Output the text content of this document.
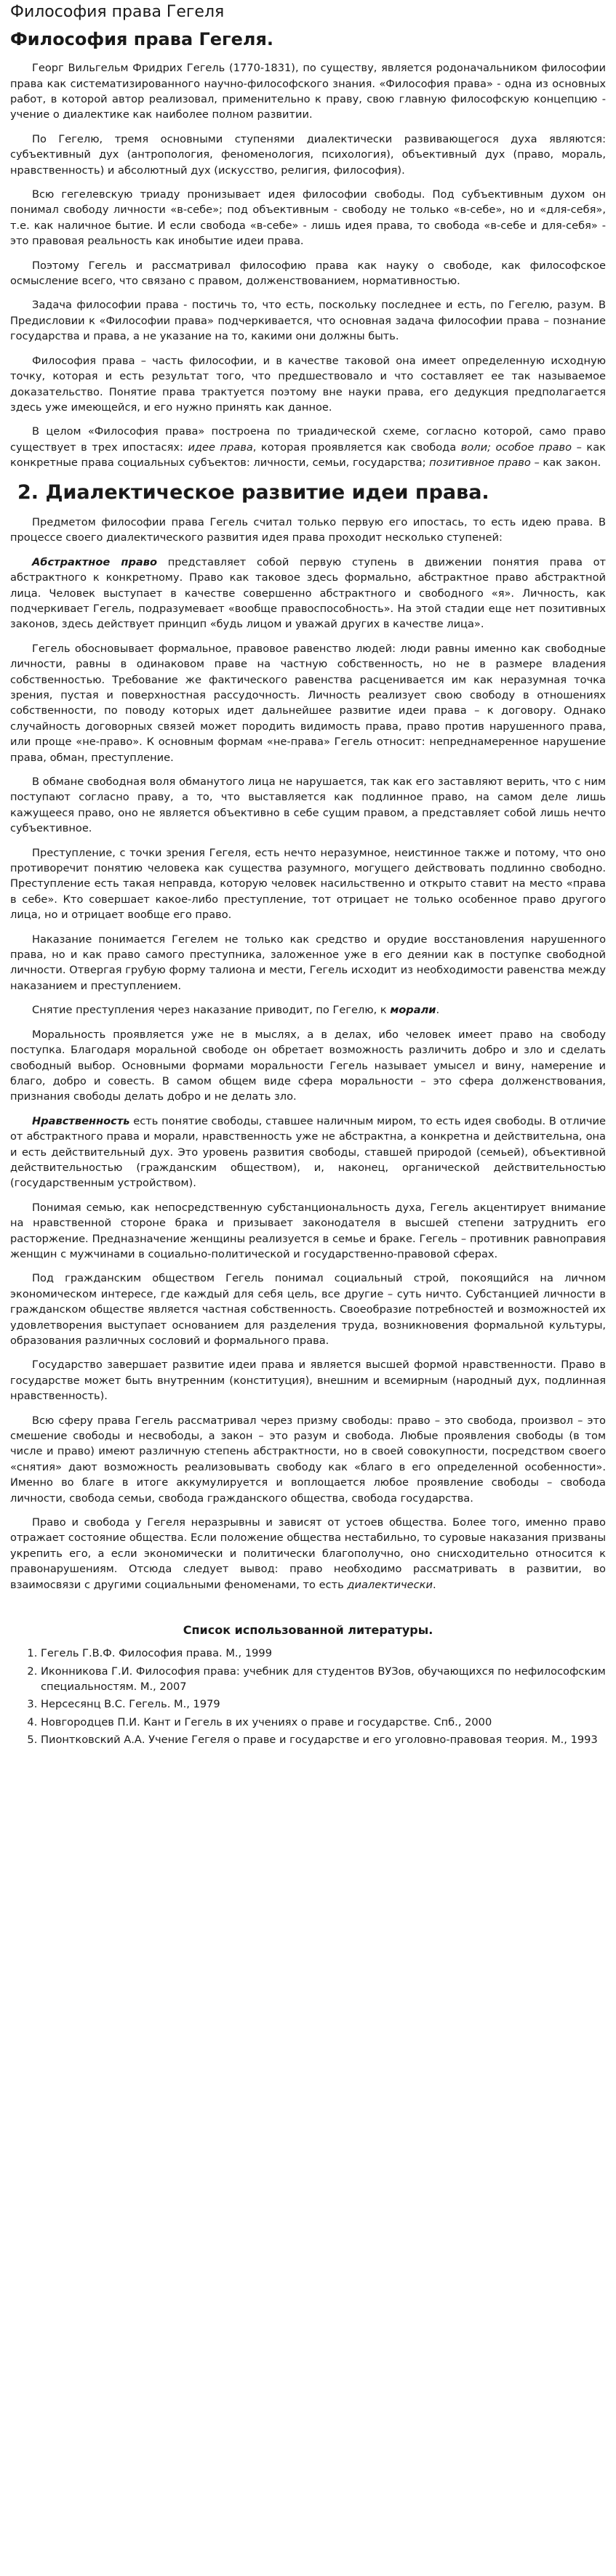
Философия права Гегеля
Философия права Гегеля.

Георг Вильгельм Фридрих Гегель (1770-1831), по существу, является родоначальником философии права как систематизированного научно-философского знания. «Философия права» - одна из основных работ, в которой автор реализовал, применительно к праву, свою главную философскую концепцию - учение о диалектике как наиболее полном развитии.

По Гегелю, тремя основными ступенями диалектически развивающегося духа являются: субъективный дух (антропология, феноменология, психология), объективный дух (право, мораль, нравственность) и абсолютный дух (искусство, религия, философия).

Всю гегелевскую триаду пронизывает идея философии свободы. Под субъективным духом он понимал свободу личности «в-себе»; под объективным - свободу не только «в-себе», но и «для-себя», т.е. как наличное бытие. И если свобода «в-себе» - лишь идея права, то свобода «в-себе и для-себя» - это правовая реальность как инобытие идеи права.

Поэтому Гегель и рассматривал философию права как науку о свободе, как философское осмысление всего, что связано с правом, долженствованием, нормативностью.

Задача философии права - постичь то, что есть, поскольку последнее и есть, по Гегелю, разум. В Предисловии к «Философии права» подчеркивается, что основная задача философии права – познание государства и права, а не указание на то, какими они должны быть.

Философия права – часть философии, и в качестве таковой она имеет определенную исходную точку, которая и есть результат того, что предшествовало и что составляет ее так называемое доказательство. Понятие права трактуется поэтому вне науки права, его дедукция предполагается здесь уже имеющейся, и его нужно принять как данное.

В целом «Философия права» построена по триадической схеме, согласно которой, само право существует в трех ипостасях: идее права, которая проявляется как свобода воли; особое право – как конкретные права социальных субъектов: личности, семьи, государства; позитивное право – как закон.

2. Диалектическое развитие идеи права.

Предметом философии права Гегель считал только первую его ипостась, то есть идею права. В процессе своего диалектического развития идея права проходит несколько ступеней:

Абстрактное право представляет собой первую ступень в движении понятия права от абстрактного к конкретному. Право как таковое здесь формально, абстрактное право абстрактной лица. Человек выступает в качестве совершенно абстрактного и свободного «я». Личность, как подчеркивает Гегель, подразумевает «вообще правоспособность». На этой стадии еще нет позитивных законов, здесь действует принцип «будь лицом и уважай других в качестве лица».

Гегель обосновывает формальное, правовое равенство людей: люди равны именно как свободные личности, равны в одинаковом праве на частную собственность, но не в размере владения собственностью. Требование же фактического равенства расценивается им как неразумная точка зрения, пустая и поверхностная рассудочность. Личность реализует свою свободу в отношениях собственности, по поводу которых идет дальнейшее развитие идеи права – к договору. Однако случайность договорных связей может породить видимость права, право против нарушенного права, или проще «не-право». К основным формам «не-права» Гегель относит: непреднамеренное нарушение права, обман, преступление.

В обмане свободная воля обманутого лица не нарушается, так как его заставляют верить, что с ним поступают согласно праву, а то, что выставляется как подлинное право, на самом деле лишь кажущееся право, оно не является объективно в себе сущим правом, а представляет собой лишь нечто субъективное.

Преступление, с точки зрения Гегеля, есть нечто неразумное, неистинное также и потому, что оно противоречит понятию человека как существа разумного, могущего действовать подлинно свободно. Преступление есть такая неправда, которую человек насильственно и открыто ставит на место «права в себе». Кто совершает какое-либо преступление, тот отрицает не только особенное право другого лица, но и отрицает вообще его право.

Наказание понимается Гегелем не только как средство и орудие восстановления нарушенного права, но и как право самого преступника, заложенное уже в его деянии как в поступке свободной личности. Отвергая грубую форму талиона и мести, Гегель исходит из необходимости равенства между наказанием и преступлением.

Снятие преступления через наказание приводит, по Гегелю, к морали.

Моральность проявляется уже не в мыслях, а в делах, ибо человек имеет право на свободу поступка. Благодаря моральной свободе он обретает возможность различить добро и зло и сделать свободный выбор. Основными формами моральности Гегель называет умысел и вину, намерение и благо, добро и совесть. В самом общем виде сфера моральности – это сфера долженствования, признания свободы делать добро и не делать зло.

Нравственность есть понятие свободы, ставшее наличным миром, то есть идея свободы. В отличие от абстрактного права и морали, нравственность уже не абстрактна, а конкретна и действительна, она и есть действительный дух. Это уровень развития свободы, ставшей природой (семьей), объективной действительностью (гражданским обществом), и, наконец, органической действительностью (государственным устройством).

Понимая семью, как непосредственную субстанциональность духа, Гегель акцентирует внимание на нравственной стороне брака и призывает законодателя в высшей степени затруднить его расторжение. Предназначение женщины реализуется в семье и браке. Гегель – противник равноправия женщин с мужчинами в социально-политической и государственно-правовой сферах.

Под гражданским обществом Гегель понимал социальный строй, покоящийся на личном экономическом интересе, где каждый для себя цель, все другие – суть ничто. Субстанцией личности в гражданском обществе является частная собственность. Своеобразие потребностей и возможностей их удовлетворения выступает основанием для разделения труда, возникновения формальной культуры, образования различных сословий и формального права.

Государство завершает развитие идеи права и является высшей формой нравственности. Право в государстве может быть внутренним (конституция), внешним и всемирным (народный дух, подлинная нравственность).

Всю сферу права Гегель рассматривал через призму свободы: право – это свобода, произвол – это смешение свободы и несвободы, а закон – это разум и свобода. Любые проявления свободы (в том числе и право) имеют различную степень абстрактности, но в своей совокупности, посредством своего «снятия» дают возможность реализовывать свободу как «благо в его определенной особенности». Именно во благе в итоге аккумулируется и воплощается любое проявление свободы – свобода личности, свобода семьи, свобода гражданского общества, свобода государства.

Право и свобода у Гегеля неразрывны и зависят от устоев общества. Более того, именно право отражает состояние общества. Если положение общества нестабильно, то суровые наказания призваны укрепить его, а если экономически и политически благополучно, оно снисходительно относится к правонарушениям. Отсюда следует вывод: право необходимо рассматривать в развитии, во взаимосвязи с другими социальными феноменами, то есть диалектически.

Список использованной литературы.
1. Гегель Г.В.Ф. Философия права. М., 1999
2. Иконникова Г.И. Философия права: учебник для студентов ВУЗов, обучающихся по нефилософским специальностям. М., 2007
3. Нерсесянц В.С. Гегель. М., 1979
4. Новгородцев П.И. Кант и Гегель в их учениях о праве и государстве. Спб., 2000
5. Пионтковский А.А. Учение Гегеля о праве и государстве и его уголовно-правовая теория. М., 1993
